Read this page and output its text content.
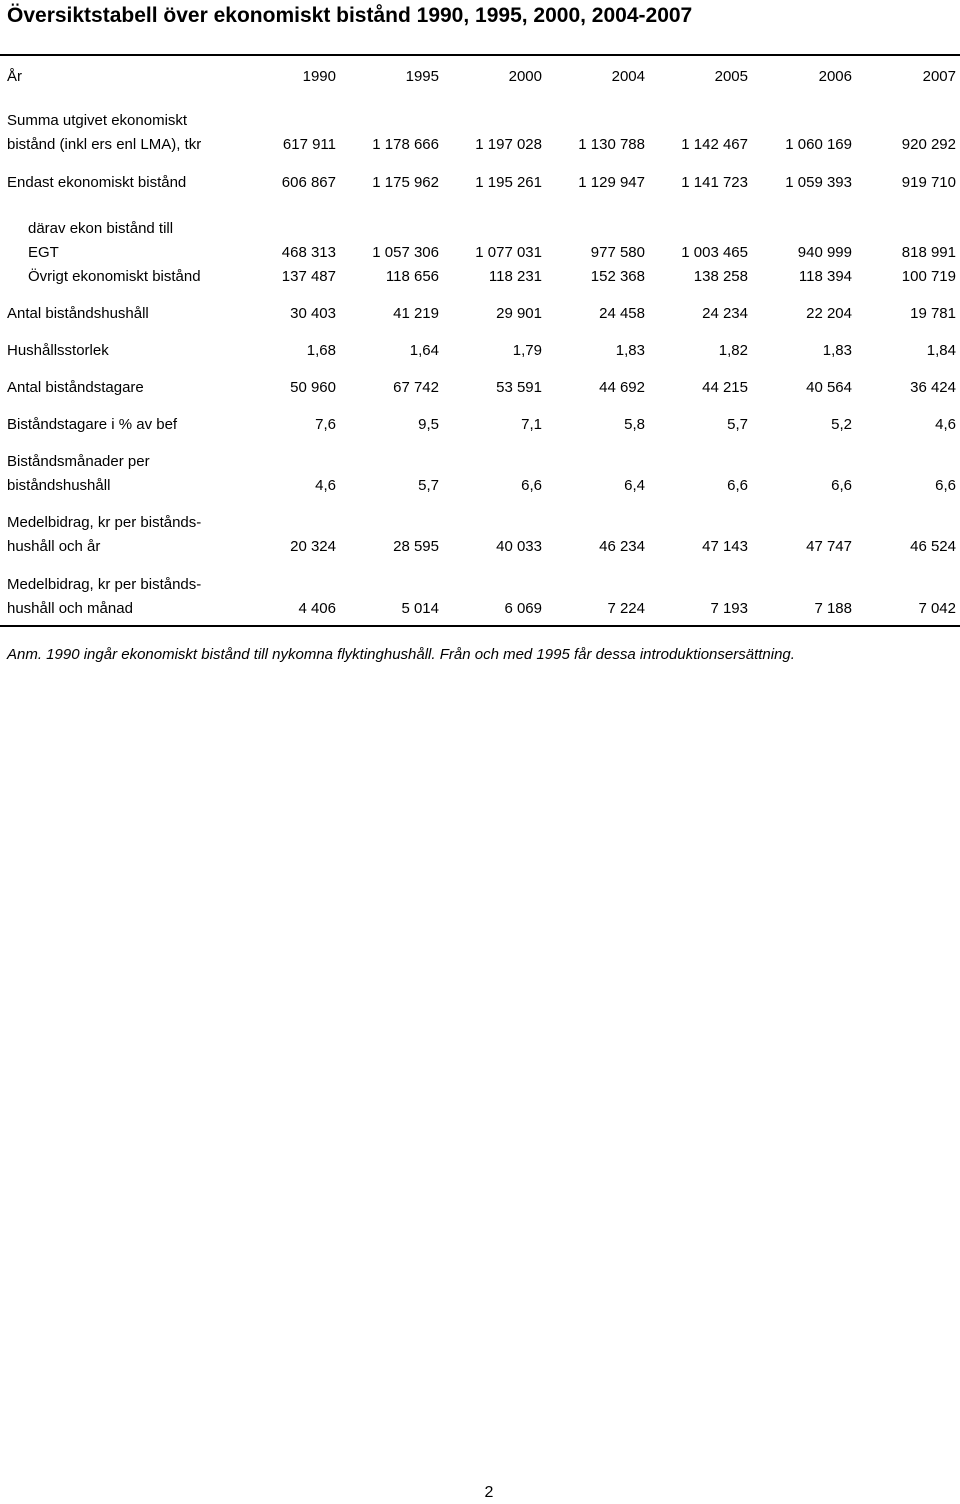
Översiktstabell över ekonomiskt bistånd 1990, 1995, 2000, 2004-2007
År	1990	1995	2000	2004	2005	2006	2007
Summa utgivet ekonomiskt
bistånd (inkl ers enl LMA), tkr	617 911	1 178 666	1 197 028	1 130 788	1 142 467	1 060 169	920 292
Endast ekonomiskt bistånd	606 867	1 175 962	1 195 261	1 129 947	1 141 723	1 059 393	919 710
därav ekon bistånd till
EGT	468 313	1 057 306	1 077 031	977 580	1 003 465	940 999	818 991
Övrigt ekonomiskt bistånd	137 487	118 656	118 231	152 368	138 258	118 394	100 719
Antal biståndshushåll	30 403	41 219	29 901	24 458	24 234	22 204	19 781
Hushållsstorlek	1,68	1,64	1,79	1,83	1,82	1,83	1,84
Antal biståndstagare	50 960	67 742	53 591	44 692	44 215	40 564	36 424
Biståndstagare i % av bef	7,6	9,5	7,1	5,8	5,7	5,2	4,6
Biståndsmånader per
biståndshushåll	4,6	5,7	6,6	6,4	6,6	6,6	6,6
Medelbidrag, kr per bistånds-
hushåll och år	20 324	28 595	40 033	46 234	47 143	47 747	46 524
Medelbidrag, kr per bistånds-
hushåll och månad	4 406	5 014	6 069	7 224	7 193	7 188	7 042
Anm. 1990 ingår ekonomiskt bistånd till nykomna flyktinghushåll. Från och med 1995 får dessa introduktionsersättning.
2
